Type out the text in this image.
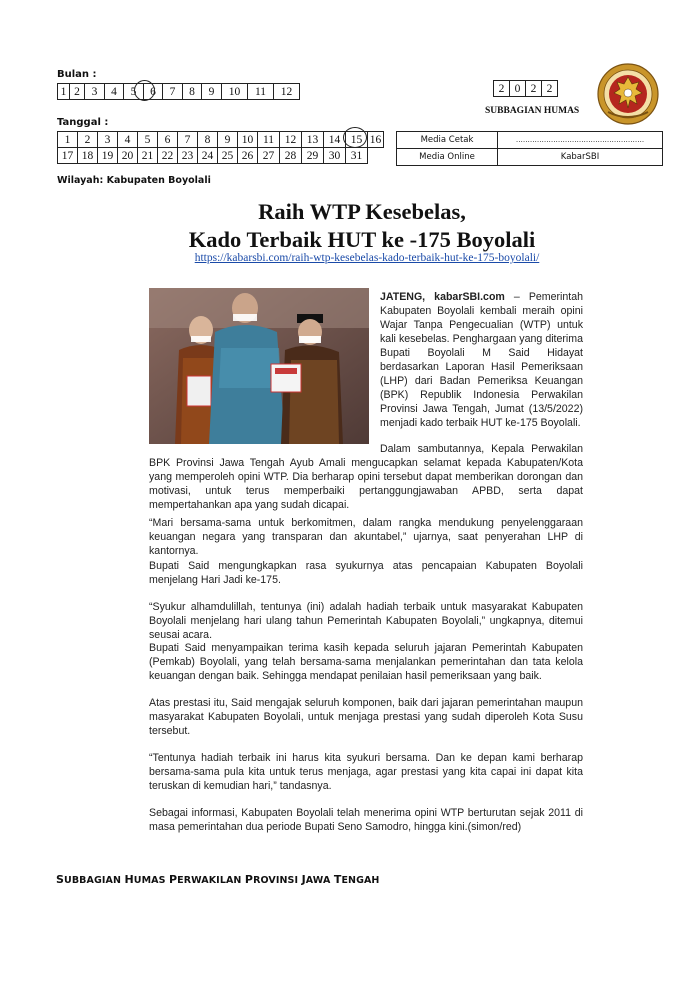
Bulan :
1	2	3	4	5	6	7	8	9	10	11	12
Tanggal :
1	2	3	4	5	6	7	8	9	10	11	12	13	14	15	16
17	18	19	20	21	22	23	24	25	26	27	28	29	30	31	
2	0	2	2
SUBBAGIAN HUMAS
Media Cetak	……………………………………………….
Media Online	KabarSBI
Wilayah: Kabupaten Boyolali
Raih WTP Kesebelas,
Kado Terbaik HUT ke -175 Boyolali
https://kabarsbi.com/raih-wtp-kesebelas-kado-terbaik-hut-ke-175-boyolali/
JATENG, kabarSBI.com – Pemerintah Kabupaten Boyolali kembali meraih opini Wajar Tanpa Pengecualian (WTP) untuk kali kesebelas. Penghargaan yang diterima Bupati Boyolali M Said Hidayat berdasarkan Laporan Hasil Pemeriksaan (LHP) dari Badan Pemeriksa Keuangan (BPK) Republik Indonesia Perwakilan Provinsi Jawa Tengah, Jumat (13/5/2022) menjadi kado terbaik HUT ke-175 Boyolali.
Dalam sambutannya, Kepala Perwakilan BPK Provinsi Jawa Tengah Ayub Amali mengucapkan selamat kepada Kabupaten/Kota yang memperoleh opini WTP. Dia berharap opini tersebut dapat memberikan dorongan dan motivasi, untuk terus memperbaiki pertanggungjawaban APBD, serta dapat mempertahankan apa yang sudah dicapai.
“Mari bersama-sama untuk berkomitmen, dalam rangka mendukung penyelenggaraan keuangan negara yang transparan dan akuntabel,” ujarnya, saat penyerahan LHP di kantornya.
Bupati Said mengungkapkan rasa syukurnya atas pencapaian Kabupaten Boyolali menjelang Hari Jadi ke-175.
“Syukur alhamdulillah, tentunya (ini) adalah hadiah terbaik untuk masyarakat Kabupaten Boyolali menjelang hari ulang tahun Pemerintah Kabupaten Boyolali,” ungkapnya, ditemui seusai acara.
Bupati Said menyampaikan terima kasih kepada seluruh jajaran Pemerintah Kabupaten (Pemkab) Boyolali, yang telah bersama-sama menjalankan pemerintahan dan tata kelola keuangan dengan baik. Sehingga mendapat penilaian hasil pemeriksaan yang baik.
Atas prestasi itu, Said mengajak seluruh komponen, baik dari jajaran pemerintahan maupun masyarakat Kabupaten Boyolali, untuk menjaga prestasi yang sudah diperoleh Kota Susu tersebut.
“Tentunya hadiah terbaik ini harus kita syukuri bersama. Dan ke depan kami berharap bersama-sama pula kita untuk terus menjaga, agar prestasi yang kita capai ini dapat kita teruskan di kemudian hari,” tandasnya.
Sebagai informasi, Kabupaten Boyolali telah menerima opini WTP berturutan sejak 2011 di masa pemerintahan dua periode Bupati Seno Samodro, hingga kini.(simon/red)
SUBBAGIAN HUMAS PERWAKILAN PROVINSI JAWA TENGAH
